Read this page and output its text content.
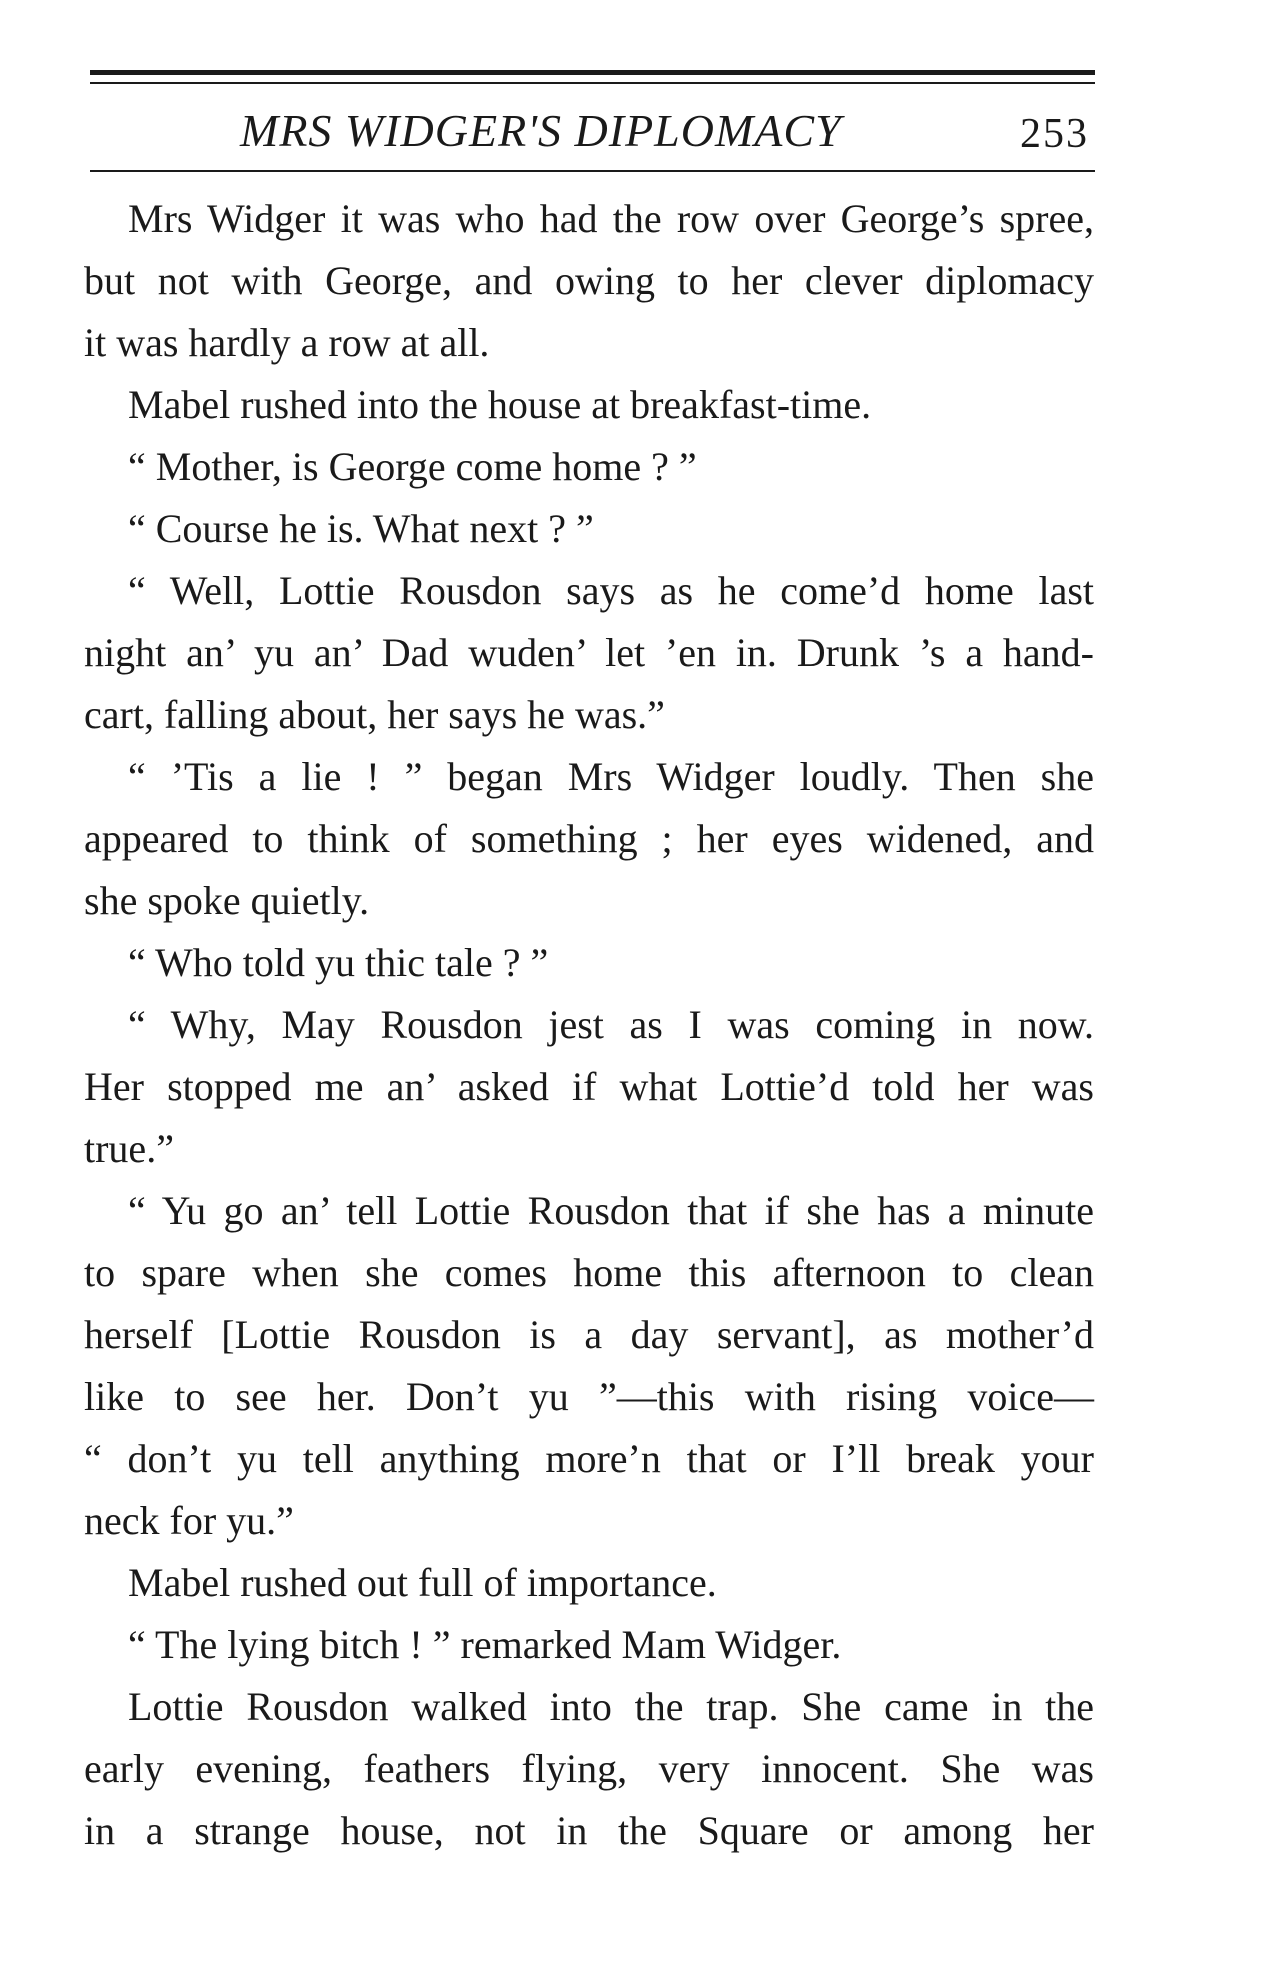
MRS WIDGER'S DIPLOMACY	253
Mrs Widger it was who had the row over George’s spree,
but not with George, and owing to her clever diplomacy
it was hardly a row at all.
Mabel rushed into the house at breakfast-time.
“ Mother, is George come home ? ”
“ Course he is. What next ? ”
“ Well, Lottie Rousdon says as he come’d home last
night an’ yu an’ Dad wuden’ let ’en in. Drunk ’s a hand-
cart, falling about, her says he was.”
“ ’Tis a lie ! ” began Mrs Widger loudly. Then she
appeared to think of something ; her eyes widened, and
she spoke quietly.
“ Who told yu thic tale ? ”
“ Why, May Rousdon jest as I was coming in now.
Her stopped me an’ asked if what Lottie’d told her was
true.”
“ Yu go an’ tell Lottie Rousdon that if she has a minute
to spare when she comes home this afternoon to clean
herself [Lottie Rousdon is a day servant], as mother’d
like to see her. Don’t yu ”—this with rising voice—
“ don’t yu tell anything more’n that or I’ll break your
neck for yu.”
Mabel rushed out full of importance.
“ The lying bitch ! ” remarked Mam Widger.
Lottie Rousdon walked into the trap. She came in the
early evening, feathers flying, very innocent. She was
in a strange house, not in the Square or among her
